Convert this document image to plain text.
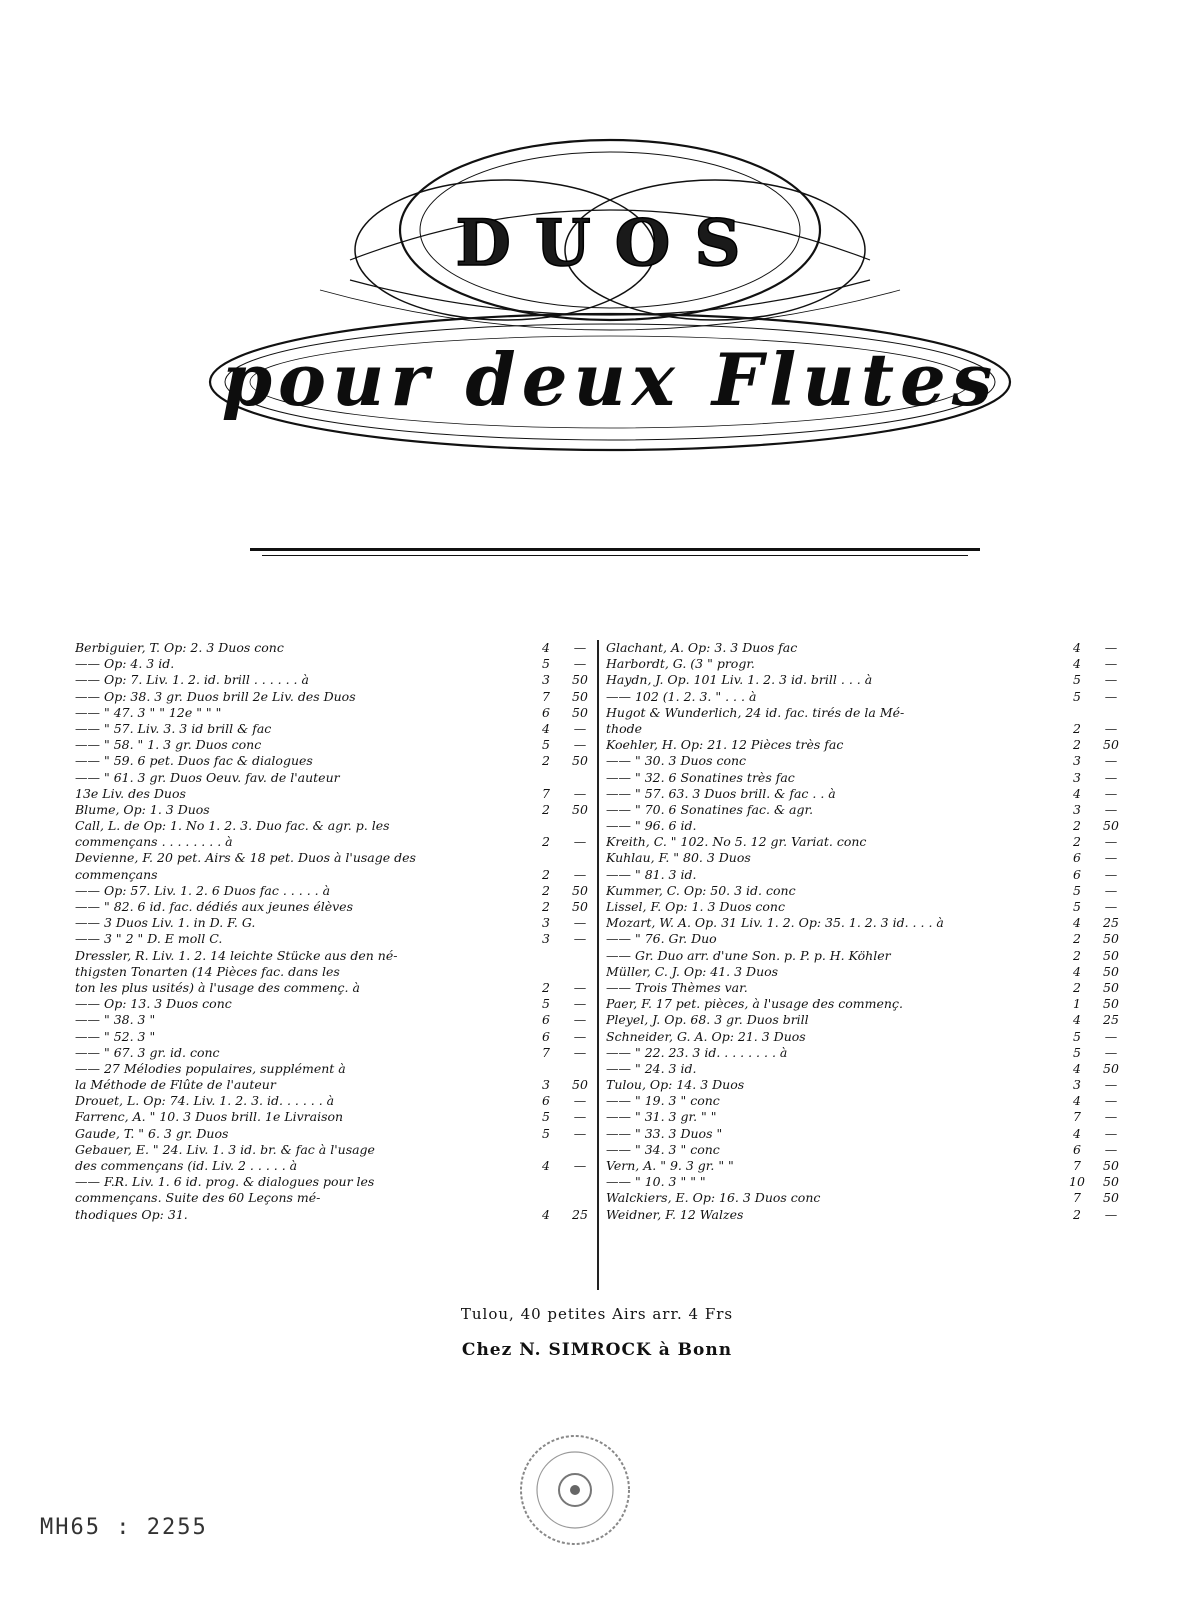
DUOS
pour deux Flutes
Berbiguier, T. Op: 2. 3 Duos conc	4	—
—— Op: 4. 3 id.	5	—
—— Op: 7. Liv. 1. 2. id. brill . . . . . . à	3	50
—— Op: 38. 3 gr. Duos brill 2e Liv. des Duos	7	50
—— " 47. 3 " " 12e " " "	6	50
—— " 57. Liv. 3. 3 id brill & fac	4	—
—— " 58. " 1. 3 gr. Duos conc	5	—
—— " 59. 6 pet. Duos fac & dialogues	2	50
—— " 61. 3 gr. Duos Oeuv. fav. de l'auteur
13e Liv. des Duos	7	—
Blume, Op: 1. 3 Duos	2	50
Call, L. de Op: 1. No 1. 2. 3. Duo fac. & agr. p. les
commençans . . . . . . . . à	2	—
Devienne, F. 20 pet. Airs & 18 pet. Duos à l'usage des
commençans	2	—
—— Op: 57. Liv. 1. 2. 6 Duos fac . . . . . à	2	50
—— " 82. 6 id. fac. dédiés aux jeunes élèves	2	50
—— 3 Duos Liv. 1. in D. F. G.	3	—
—— 3 " 2 " D. E moll C.	3	—
Dressler, R. Liv. 1. 2. 14 leichte Stücke aus den né-
thigsten Tonarten (14 Pièces fac. dans les
ton les plus usités) à l'usage des commenç. à	2	—
—— Op: 13. 3 Duos conc	5	—
—— " 38. 3 "	6	—
—— " 52. 3 "	6	—
—— " 67. 3 gr. id. conc	7	—
—— 27 Mélodies populaires, supplément à
la Méthode de Flûte de l'auteur	3	50
Drouet, L. Op: 74. Liv. 1. 2. 3. id. . . . . . à	6	—
Farrenc, A. " 10. 3 Duos brill. 1e Livraison	5	—
Gaude, T. " 6. 3 gr. Duos	5	—
Gebauer, E. " 24. Liv. 1. 3 id. br. & fac à l'usage
des commençans (id. Liv. 2 . . . . . à	4	—
—— F.R. Liv. 1. 6 id. prog. & dialogues pour les
commençans. Suite des 60 Leçons mé-
thodiques Op: 31.	4	25
Glachant, A. Op: 3. 3 Duos fac	4	—
Harbordt, G. (3 " progr.	4	—
Haydn, J. Op. 101 Liv. 1. 2. 3 id. brill . . . à	5	—
—— 102 (1. 2. 3. " . . . à	5	—
Hugot & Wunderlich, 24 id. fac. tirés de la Mé-
thode	2	—
Koehler, H. Op: 21. 12 Pièces très fac	2	50
—— " 30. 3 Duos conc	3	—
—— " 32. 6 Sonatines très fac	3	—
—— " 57. 63. 3 Duos brill. & fac . . à	4	—
—— " 70. 6 Sonatines fac. & agr.	3	—
—— " 96. 6 id.	2	50
Kreith, C. " 102. No 5. 12 gr. Variat. conc	2	—
Kuhlau, F. " 80. 3 Duos	6	—
—— " 81. 3 id.	6	—
Kummer, C. Op: 50. 3 id. conc	5	—
Lissel, F. Op: 1. 3 Duos conc	5	—
Mozart, W. A. Op. 31 Liv. 1. 2. Op: 35. 1. 2. 3 id. . . . à	4	25
—— " 76. Gr. Duo	2	50
—— Gr. Duo arr. d'une Son. p. P. p. H. Köhler	2	50
Müller, C. J. Op: 41. 3 Duos	4	50
—— Trois Thèmes var.	2	50
Paer, F. 17 pet. pièces, à l'usage des commenç.	1	50
Pleyel, J. Op. 68. 3 gr. Duos brill	4	25
Schneider, G. A. Op: 21. 3 Duos	5	—
—— " 22. 23. 3 id. . . . . . . . à	5	—
—— " 24. 3 id.	4	50
Tulou, Op: 14. 3 Duos	3	—
—— " 19. 3 " conc	4	—
—— " 31. 3 gr. " "	7	—
—— " 33. 3 Duos "	4	—
—— " 34. 3 " conc	6	—
Vern, A. " 9. 3 gr. " "	7	50
—— " 10. 3 " " "	10	50
Walckiers, E. Op: 16. 3 Duos conc	7	50
Weidner, F. 12 Walzes	2	—
Tulou, 40 petites Airs arr. 4 Frs
Chez N. SIMROCK à Bonn
MH65 : 2255
